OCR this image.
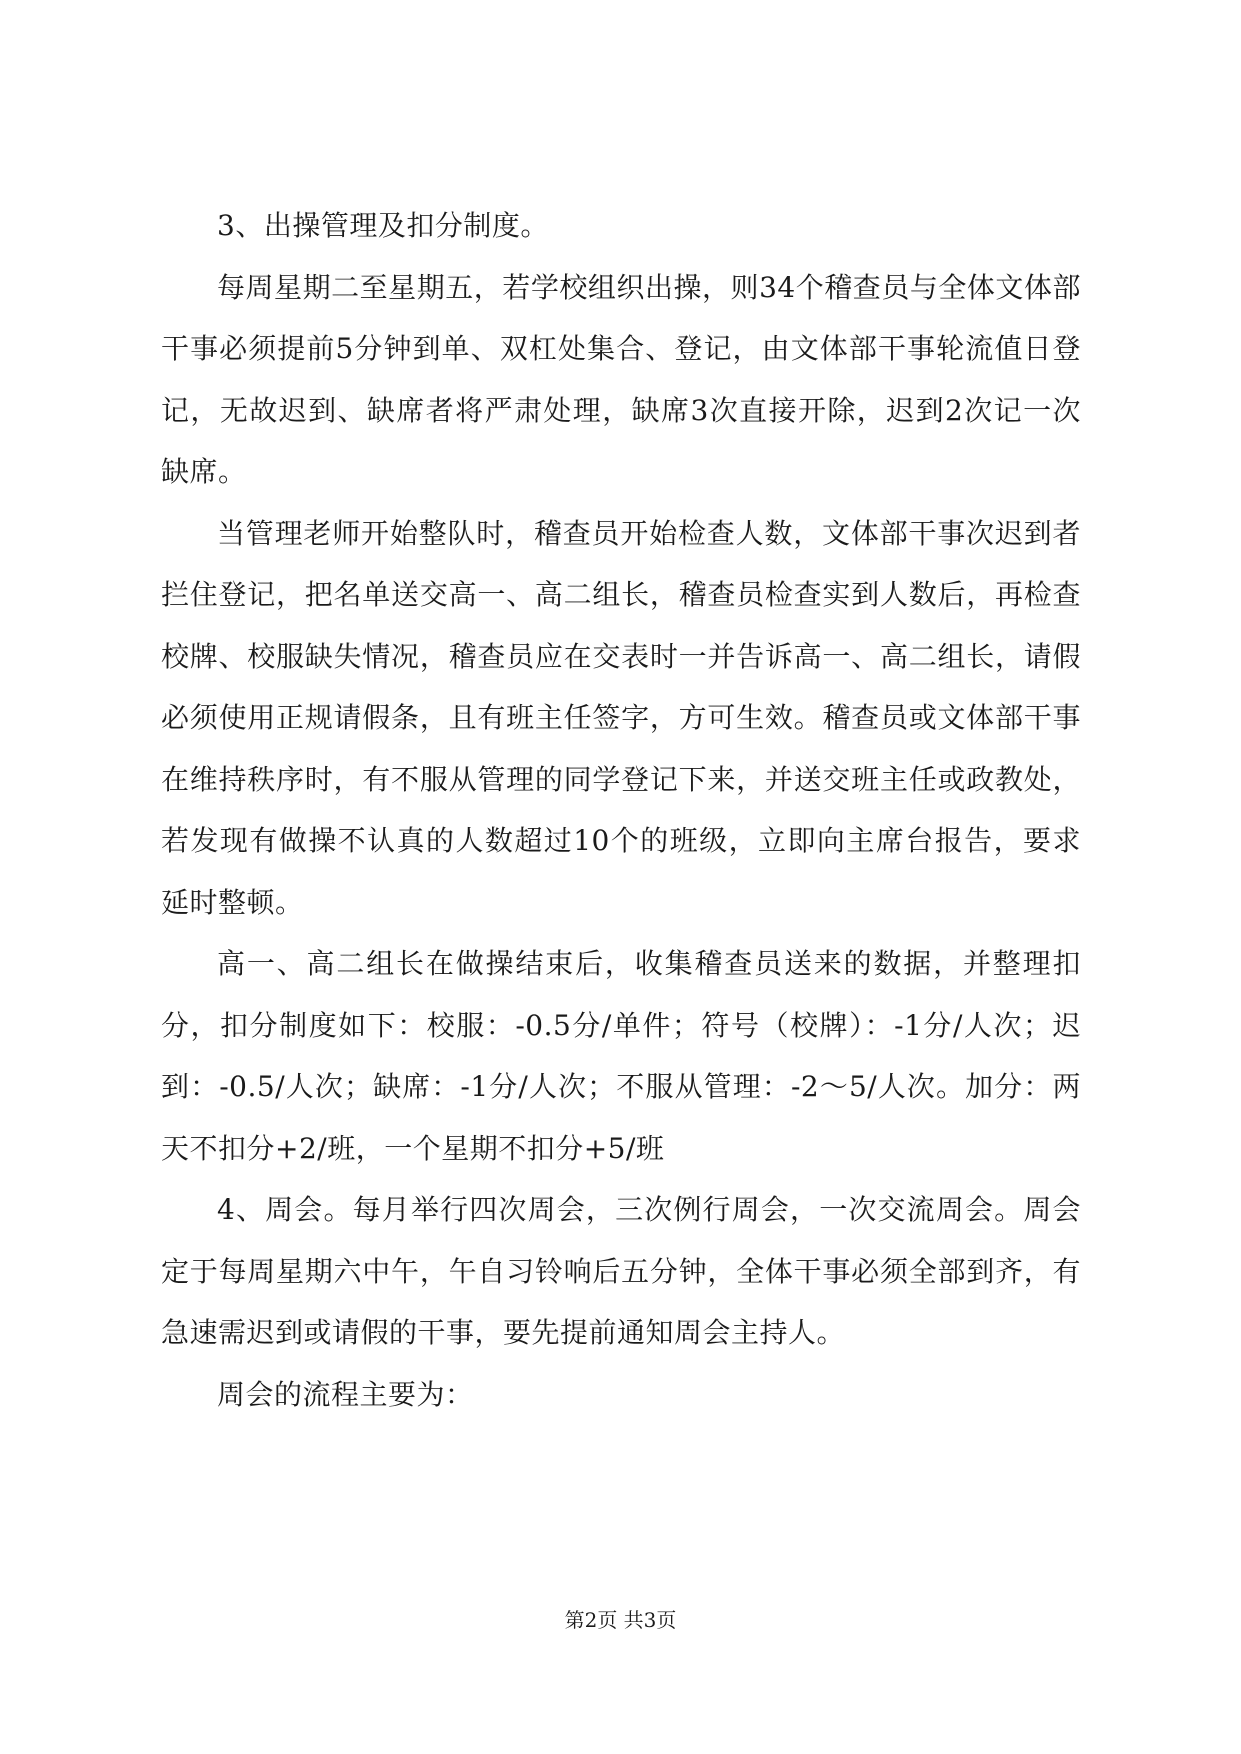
3、出操管理及扣分制度。

每周星期二至星期五，若学校组织出操，则34个稽查员与全体文体部干事必须提前5分钟到单、双杠处集合、登记，由文体部干事轮流值日登记，无故迟到、缺席者将严肃处理，缺席3次直接开除，迟到2次记一次缺席。

当管理老师开始整队时，稽查员开始检查人数，文体部干事次迟到者拦住登记，把名单送交高一、高二组长，稽查员检查实到人数后，再检查校牌、校服缺失情况，稽查员应在交表时一并告诉高一、高二组长，请假必须使用正规请假条，且有班主任签字，方可生效。稽查员或文体部干事在维持秩序时，有不服从管理的同学登记下来，并送交班主任或政教处，若发现有做操不认真的人数超过10个的班级，立即向主席台报告，要求延时整顿。

高一、高二组长在做操结束后，收集稽查员送来的数据，并整理扣分，扣分制度如下：校服：-0.5分/单件；符号（校牌）：-1分/人次；迟到：-0.5/人次；缺席：-1分/人次；不服从管理：-2～5/人次。加分：两天不扣分+2/班，一个星期不扣分+5/班

4、周会。每月举行四次周会，三次例行周会，一次交流周会。周会定于每周星期六中午，午自习铃响后五分钟，全体干事必须全部到齐，有急速需迟到或请假的干事，要先提前通知周会主持人。

周会的流程主要为：

第2页 共3页
